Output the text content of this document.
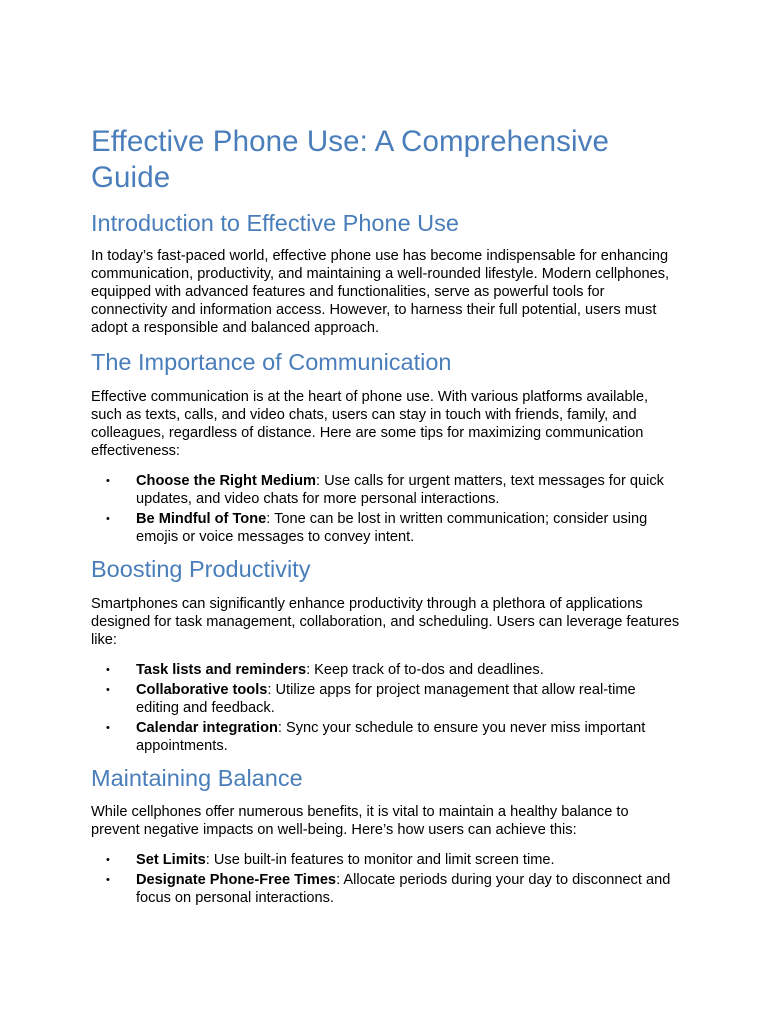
Effective Phone Use: A Comprehensive Guide
Introduction to Effective Phone Use

In today’s fast-paced world, effective phone use has become indispensable for enhancing communication, productivity, and maintaining a well-rounded lifestyle. Modern cellphones, equipped with advanced features and functionalities, serve as powerful tools for connectivity and information access. However, to harness their full potential, users must adopt a responsible and balanced approach.

The Importance of Communication

Effective communication is at the heart of phone use. With various platforms available, such as texts, calls, and video chats, users can stay in touch with friends, family, and colleagues, regardless of distance. Here are some tips for maximizing communication effectiveness:

• Choose the Right Medium: Use calls for urgent matters, text messages for quick updates, and video chats for more personal interactions.
• Be Mindful of Tone: Tone can be lost in written communication; consider using emojis or voice messages to convey intent.
Boosting Productivity

Smartphones can significantly enhance productivity through a plethora of applications designed for task management, collaboration, and scheduling. Users can leverage features like:

• Task lists and reminders: Keep track of to-dos and deadlines.
• Collaborative tools: Utilize apps for project management that allow real-time editing and feedback.
• Calendar integration: Sync your schedule to ensure you never miss important appointments.
Maintaining Balance

While cellphones offer numerous benefits, it is vital to maintain a healthy balance to prevent negative impacts on well-being. Here’s how users can achieve this:

• Set Limits: Use built-in features to monitor and limit screen time.
• Designate Phone-Free Times: Allocate periods during your day to disconnect and focus on personal interactions.
